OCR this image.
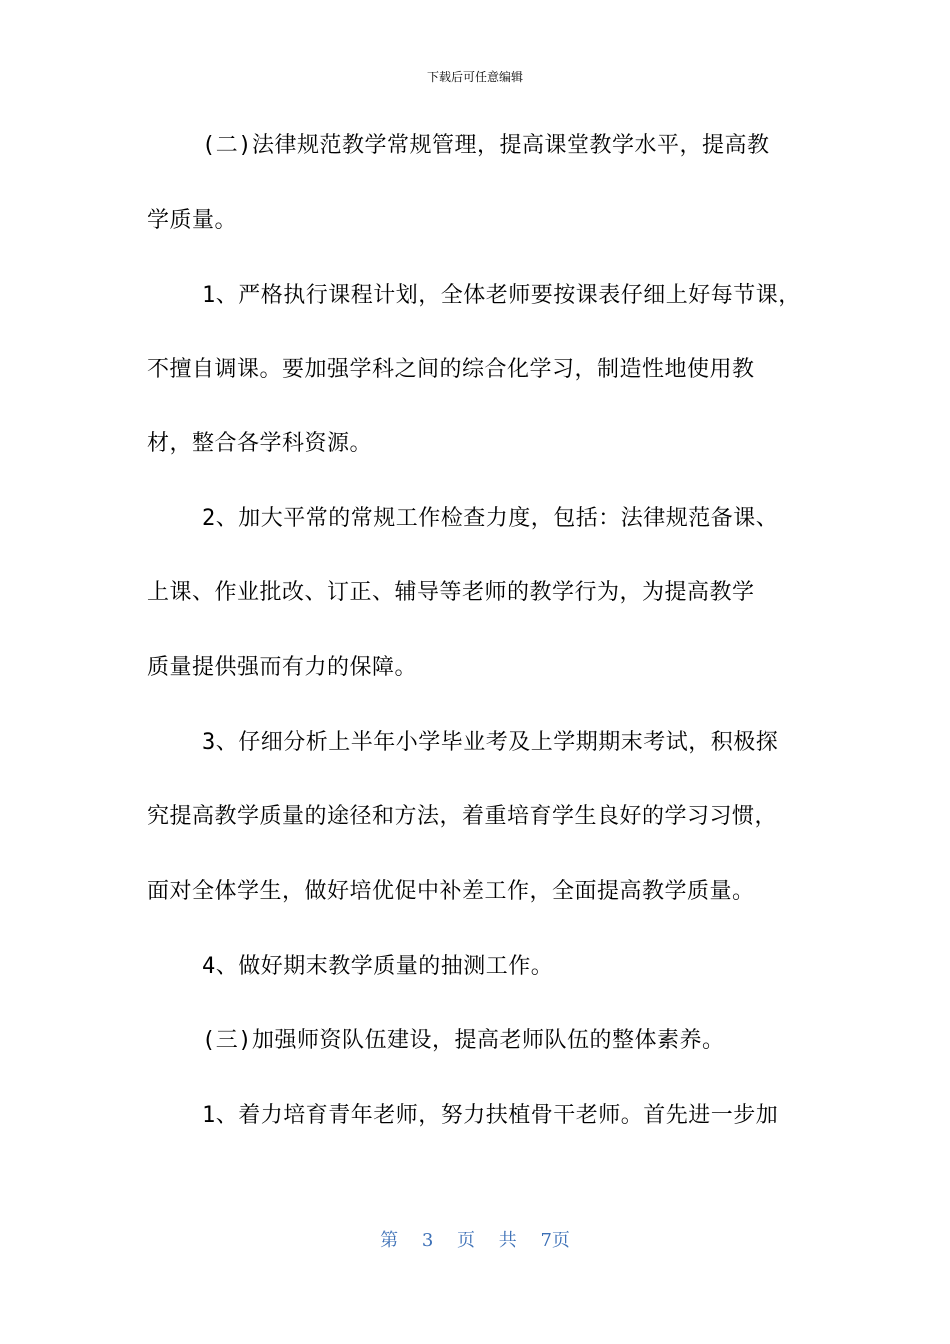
下载后可任意编辑
(二)法律规范教学常规管理，提高课堂教学水平，提高教
学质量。
1、严格执行课程计划，全体老师要按课表仔细上好每节课，
不擅自调课。要加强学科之间的综合化学习，制造性地使用教
材，整合各学科资源。
2、加大平常的常规工作检查力度，包括：法律规范备课、
上课、作业批改、订正、辅导等老师的教学行为，为提高教学
质量提供强而有力的保障。
3、仔细分析上半年小学毕业考及上学期期末考试，积极探
究提高教学质量的途径和方法，着重培育学生良好的学习习惯，
面对全体学生，做好培优促中补差工作，全面提高教学质量。
4、做好期末教学质量的抽测工作。
(三)加强师资队伍建设，提高老师队伍的整体素养。
1、着力培育青年老师，努力扶植骨干老师。首先进一步加
第 3 页 共 7页
